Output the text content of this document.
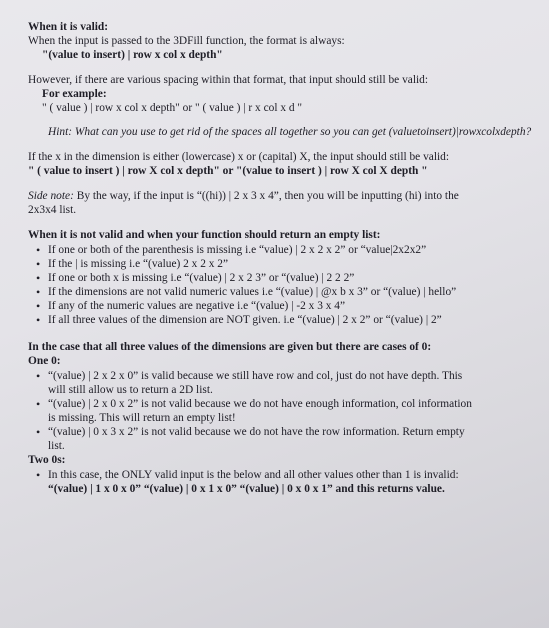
When it is valid:
When the input is passed to the 3DFill function, the format is always:
"(value to insert) | row x col x depth"
However, if there are various spacing within that format, that input should still be valid:
For example:
" ( value ) | row x col x depth" or " ( value ) | r x col x d "
Hint: What can you use to get rid of the spaces all together so you can get (valuetoinsert)|rowxcolxdepth?
If the x in the dimension is either (lowercase) x or (capital) X, the input should still be valid:
" ( value to insert ) | row X col x depth" or "(value to insert ) | row X col X depth "
Side note: By the way, if the input is “((hi)) | 2 x 3 x 4”, then you will be inputting (hi) into the
2x3x4 list.
When it is not valid and when your function should return an empty list:
• If one or both of the parenthesis is missing i.e “value) | 2 x 2 x 2” or “value|2x2x2”
• If the | is missing i.e “(value) 2 x 2 x 2”
• If one or both x is missing i.e “(value) | 2 x 2 3” or “(value) | 2 2 2”
• If the dimensions are not valid numeric values i.e “(value) | @x b x 3” or “(value) | hello”
• If any of the numeric values are negative i.e “(value) | -2 x 3 x 4”
• If all three values of the dimension are NOT given. i.e “(value) | 2 x 2” or “(value) | 2”
In the case that all three values of the dimensions are given but there are cases of 0:
One 0:
• “(value) | 2 x 2 x 0” is valid because we still have row and col, just do not have depth. This
will still allow us to return a 2D list.
• “(value) | 2 x 0 x 2” is not valid because we do not have enough information, col information
is missing. This will return an empty list!
• “(value) | 0 x 3 x 2” is not valid because we do not have the row information. Return empty
list.
Two 0s:
• In this case, the ONLY valid input is the below and all other values other than 1 is invalid:
“(value) | 1 x 0 x 0” “(value) | 0 x 1 x 0” “(value) | 0 x 0 x 1” and this returns value.
